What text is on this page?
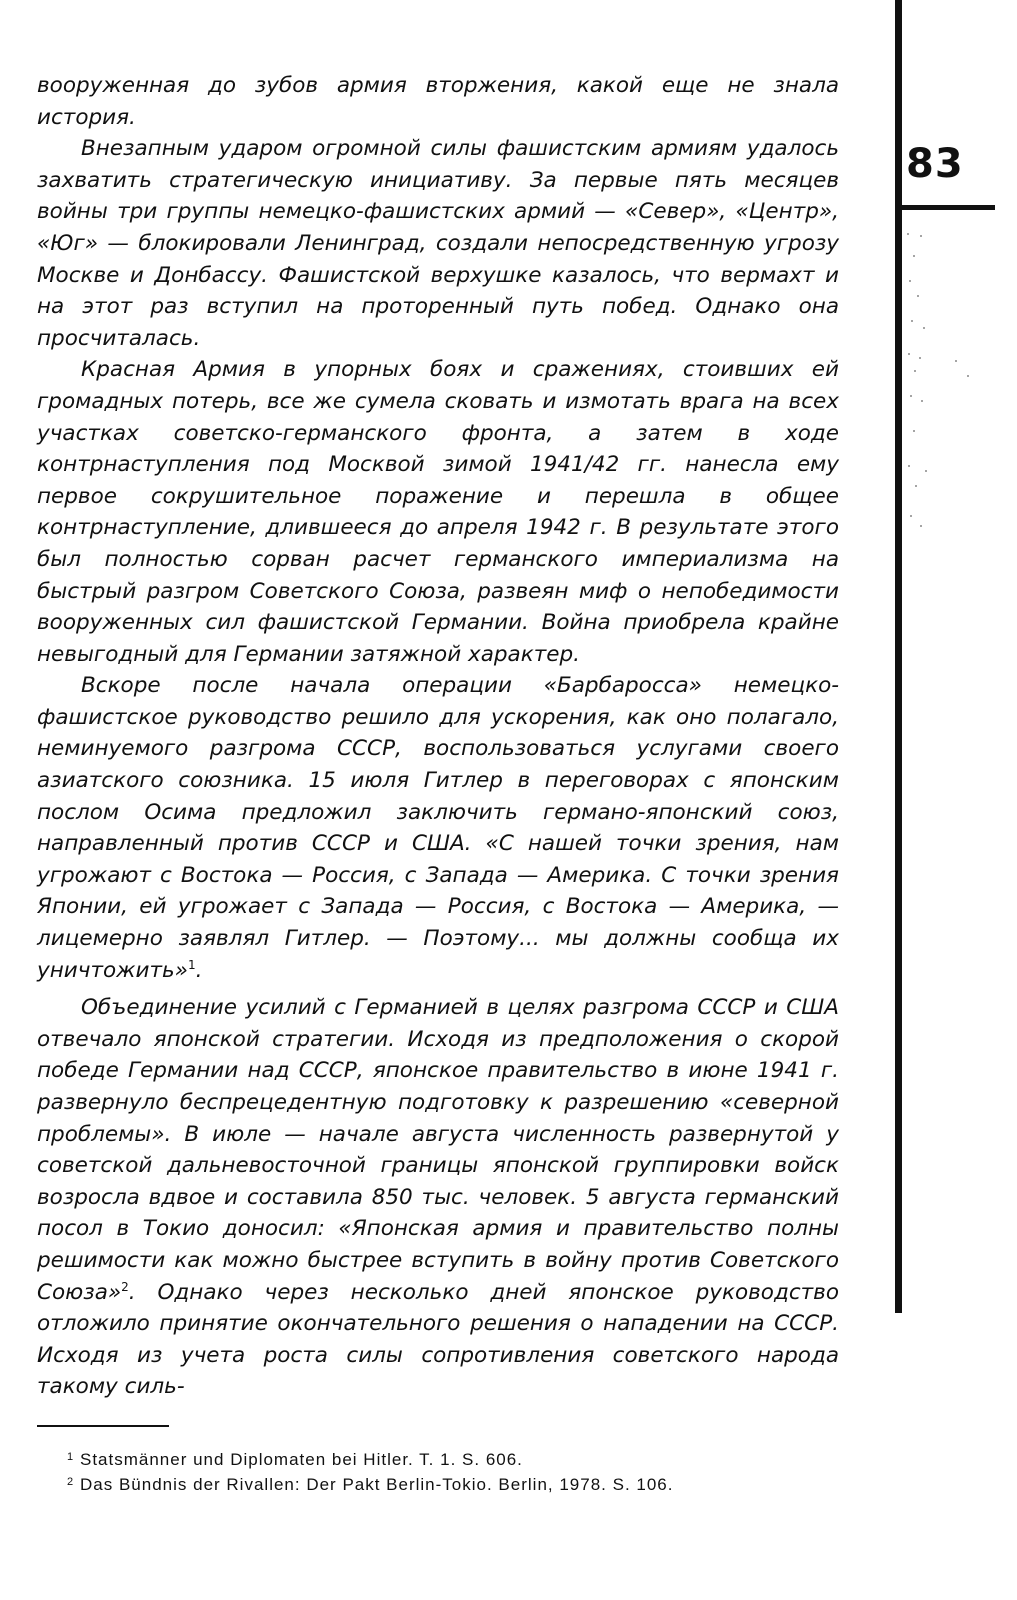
83

вооруженная до зубов армия вторжения, какой еще не знала история.

Внезапным ударом огромной силы фашистским армиям удалось захватить стратегическую инициативу. За первые пять месяцев войны три группы немецко-фашистских армий — «Север», «Центр», «Юг» — блокировали Ленинград, создали непосредственную угрозу Москве и Донбассу. Фашистской верхушке казалось, что вермахт и на этот раз вступил на проторенный путь побед. Однако она просчиталась.

Красная Армия в упорных боях и сражениях, стоивших ей громадных потерь, все же сумела сковать и измотать врага на всех участках советско-германского фронта, а затем в ходе контрнаступления под Москвой зимой 1941/42 гг. нанесла ему первое сокрушительное поражение и перешла в общее контрнаступление, длившееся до апреля 1942 г. В результате этого был полностью сорван расчет германского империализма на быстрый разгром Советского Союза, развеян миф о непобедимости вооруженных сил фашистской Германии. Война приобрела крайне невыгодный для Германии затяжной характер.

Вскоре после начала операции «Барбаросса» немецко-фашистское руководство решило для ускорения, как оно полагало, неминуемого разгрома СССР, воспользоваться услугами своего азиатского союзника. 15 июля Гитлер в переговорах с японским послом Осима предложил заключить германо-японский союз, направленный против СССР и США. «С нашей точки зрения, нам угрожают с Востока — Россия, с Запада — Америка. С точки зрения Японии, ей угрожает с Запада — Россия, с Востока — Америка, — лицемерно заявлял Гитлер. — Поэтому... мы должны сообща их уничтожить»$^1$.

Объединение усилий с Германией в целях разгрома СССР и США отвечало японской стратегии. Исходя из предположения о скорой победе Германии над СССР, японское правительство в июне 1941 г. развернуло беспрецедентную подготовку к разрешению «северной проблемы». В июле — начале августа численность развернутой у советской дальневосточной границы японской группировки войск возросла вдвое и составила 850 тыс. человек. 5 августа германский посол в Токио доносил: «Японская армия и правительство полны решимости как можно быстрее вступить в войну против Советского Союза»$^2$. Однако через несколько дней японское руководство отложило принятие окончательного решения о нападении на СССР. Исходя из учета роста силы сопротивления советского народа такому силь-

1 Statsmänner und Diplomaten bei Hitler. T. 1. S. 606.
2 Das Bündnis der Rivallen: Der Pakt Berlin-Tokio. Berlin, 1978. S. 106.
